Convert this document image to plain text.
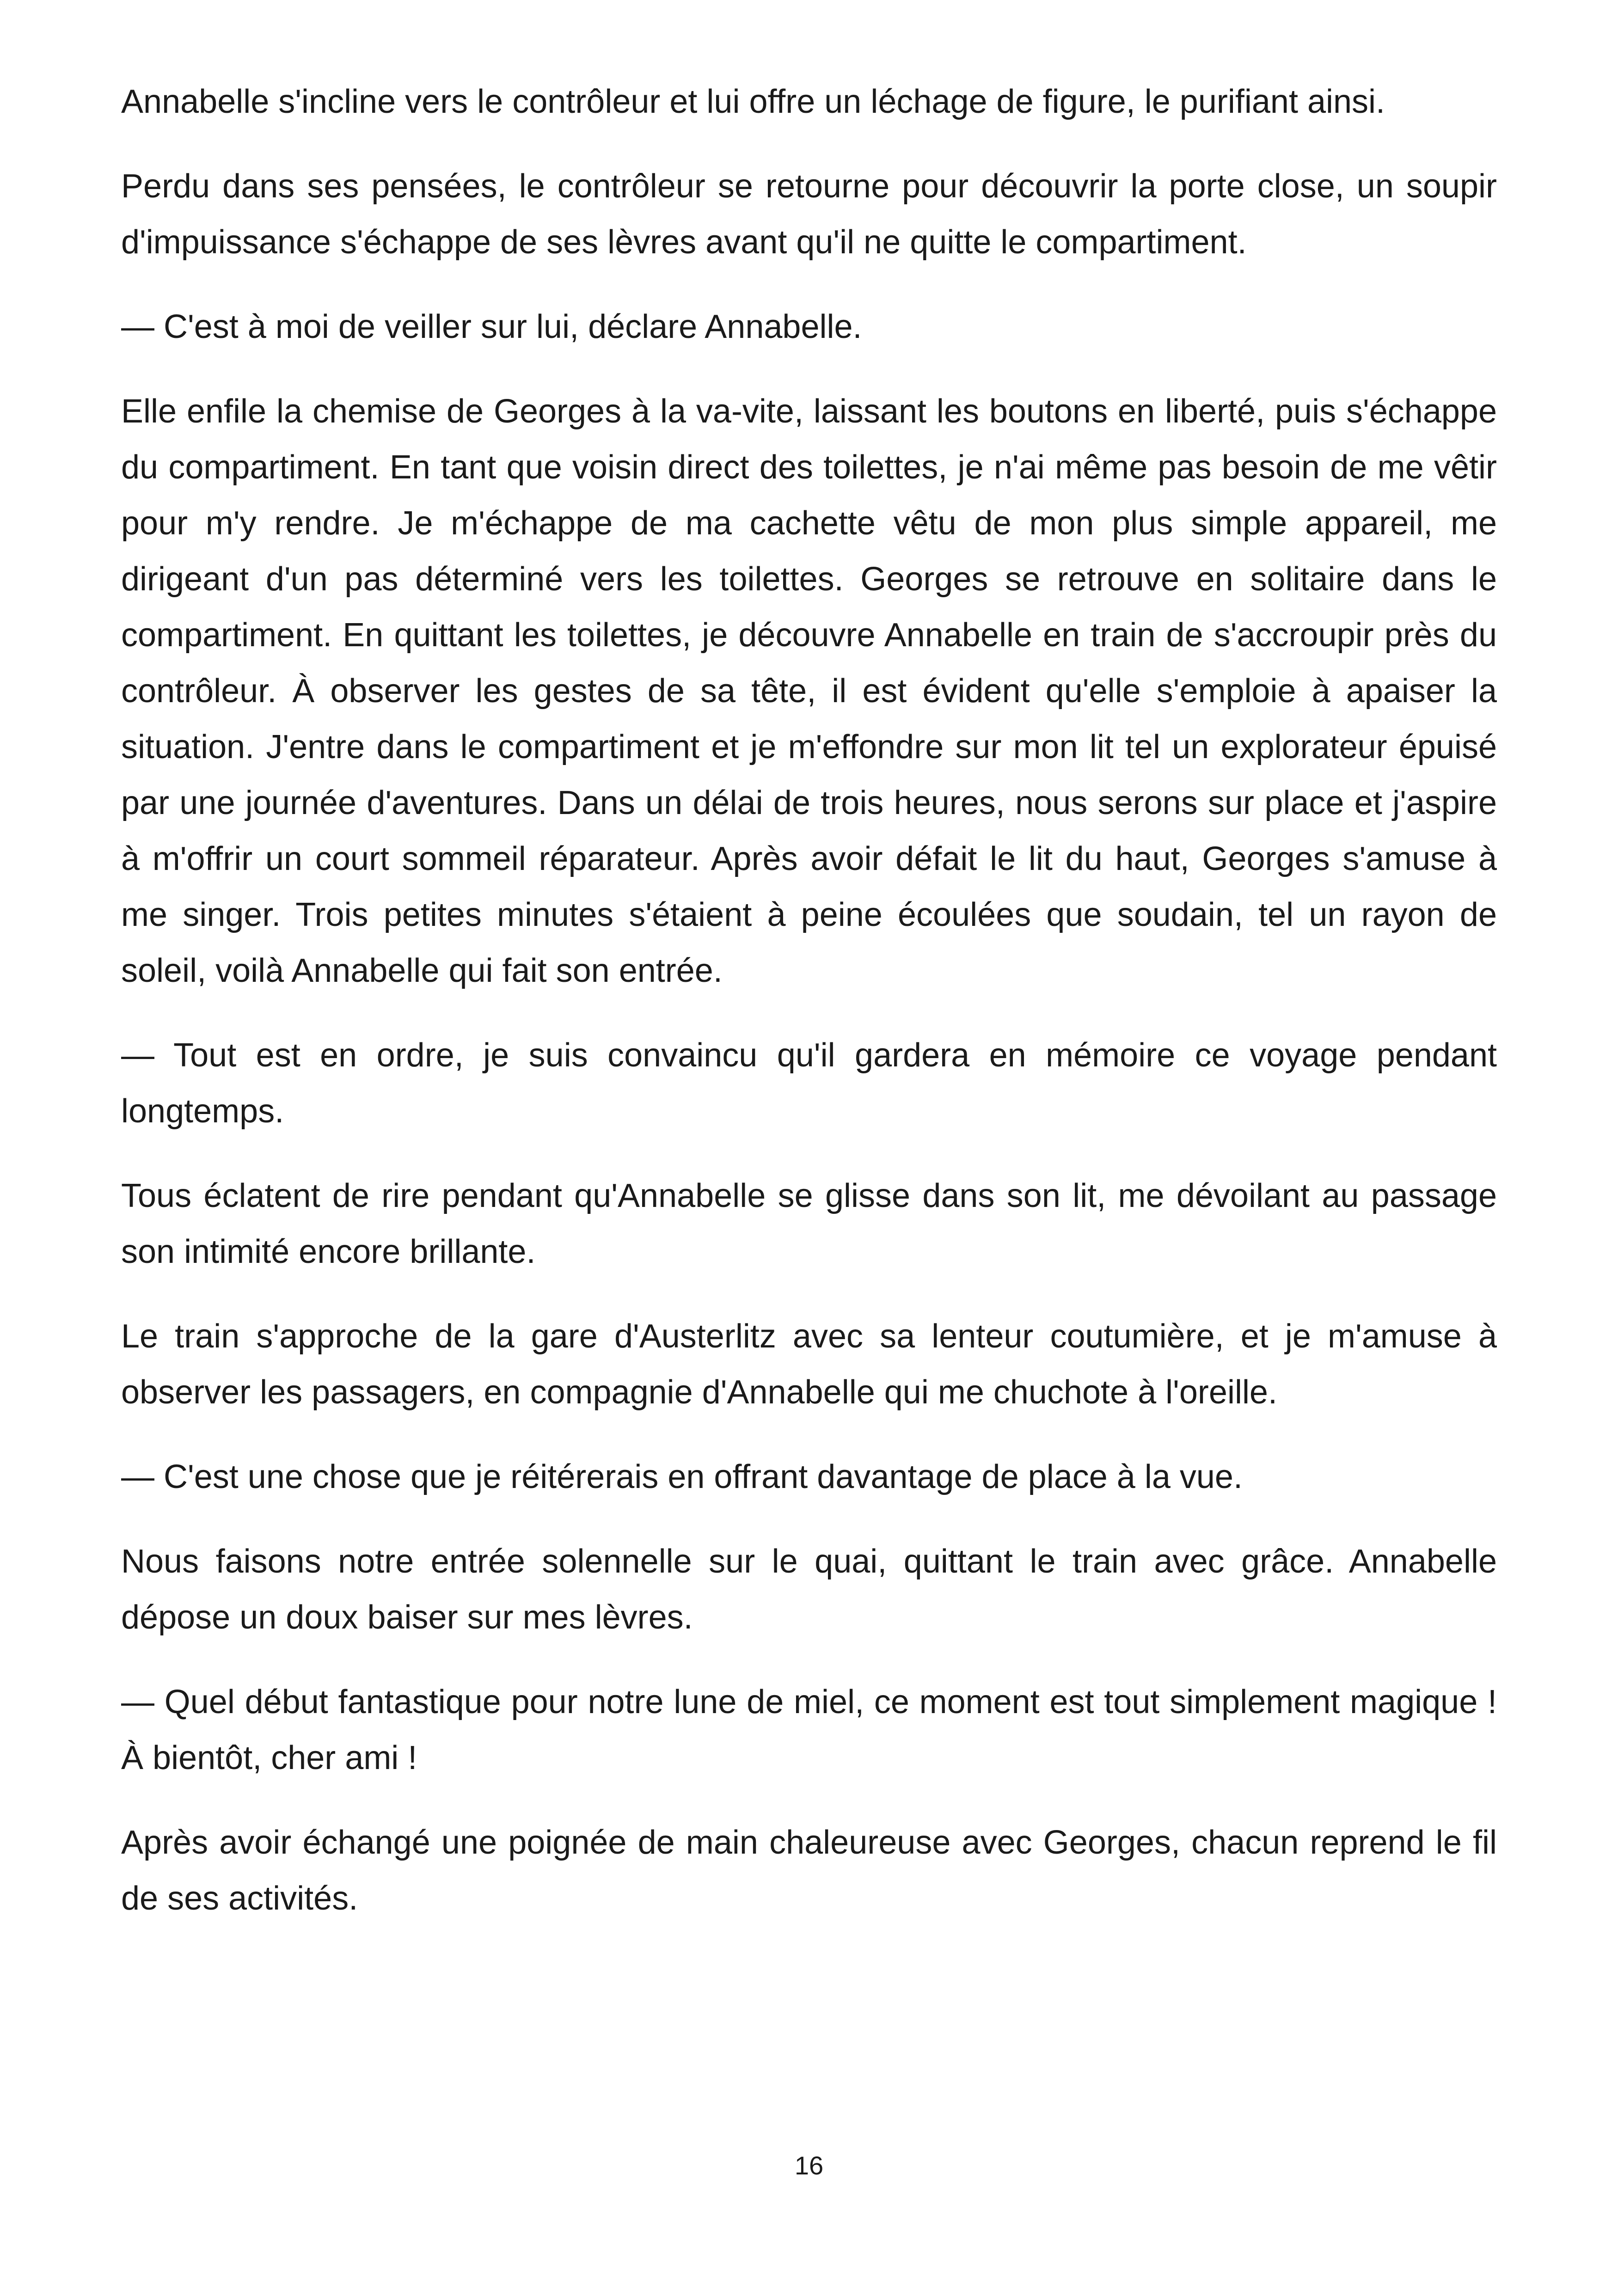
Annabelle s'incline vers le contrôleur et lui offre un léchage de figure, le purifiant ainsi.

Perdu dans ses pensées, le contrôleur se retourne pour découvrir la porte close, un soupir d'impuissance s'échappe de ses lèvres avant qu'il ne quitte le compartiment.

— C'est à moi de veiller sur lui, déclare Annabelle.

Elle enfile la chemise de Georges à la va-vite, laissant les boutons en liberté, puis s'échappe du compartiment. En tant que voisin direct des toilettes, je n'ai même pas besoin de me vêtir pour m'y rendre. Je m'échappe de ma cachette vêtu de mon plus simple appareil, me dirigeant d'un pas déterminé vers les toilettes. Georges se retrouve en solitaire dans le compartiment. En quittant les toilettes, je découvre Annabelle en train de s'accroupir près du contrôleur. À observer les gestes de sa tête, il est évident qu'elle s'emploie à apaiser la situation. J'entre dans le compartiment et je m'effondre sur mon lit tel un explorateur épuisé par une journée d'aventures. Dans un délai de trois heures, nous serons sur place et j'aspire à m'offrir un court sommeil réparateur. Après avoir défait le lit du haut, Georges s'amuse à me singer. Trois petites minutes s'étaient à peine écoulées que soudain, tel un rayon de soleil, voilà Annabelle qui fait son entrée.

— Tout est en ordre, je suis convaincu qu'il gardera en mémoire ce voyage pendant longtemps.

Tous éclatent de rire pendant qu'Annabelle se glisse dans son lit, me dévoilant au passage son intimité encore brillante.

Le train s'approche de la gare d'Austerlitz avec sa lenteur coutumière, et je m'amuse à observer les passagers, en compagnie d'Annabelle qui me chuchote à l'oreille.

— C'est une chose que je réitérerais en offrant davantage de place à la vue.

Nous faisons notre entrée solennelle sur le quai, quittant le train avec grâce. Annabelle dépose un doux baiser sur mes lèvres.

— Quel début fantastique pour notre lune de miel, ce moment est tout simplement magique ! À bientôt, cher ami !

Après avoir échangé une poignée de main chaleureuse avec Georges, chacun reprend le fil de ses activités.

16
